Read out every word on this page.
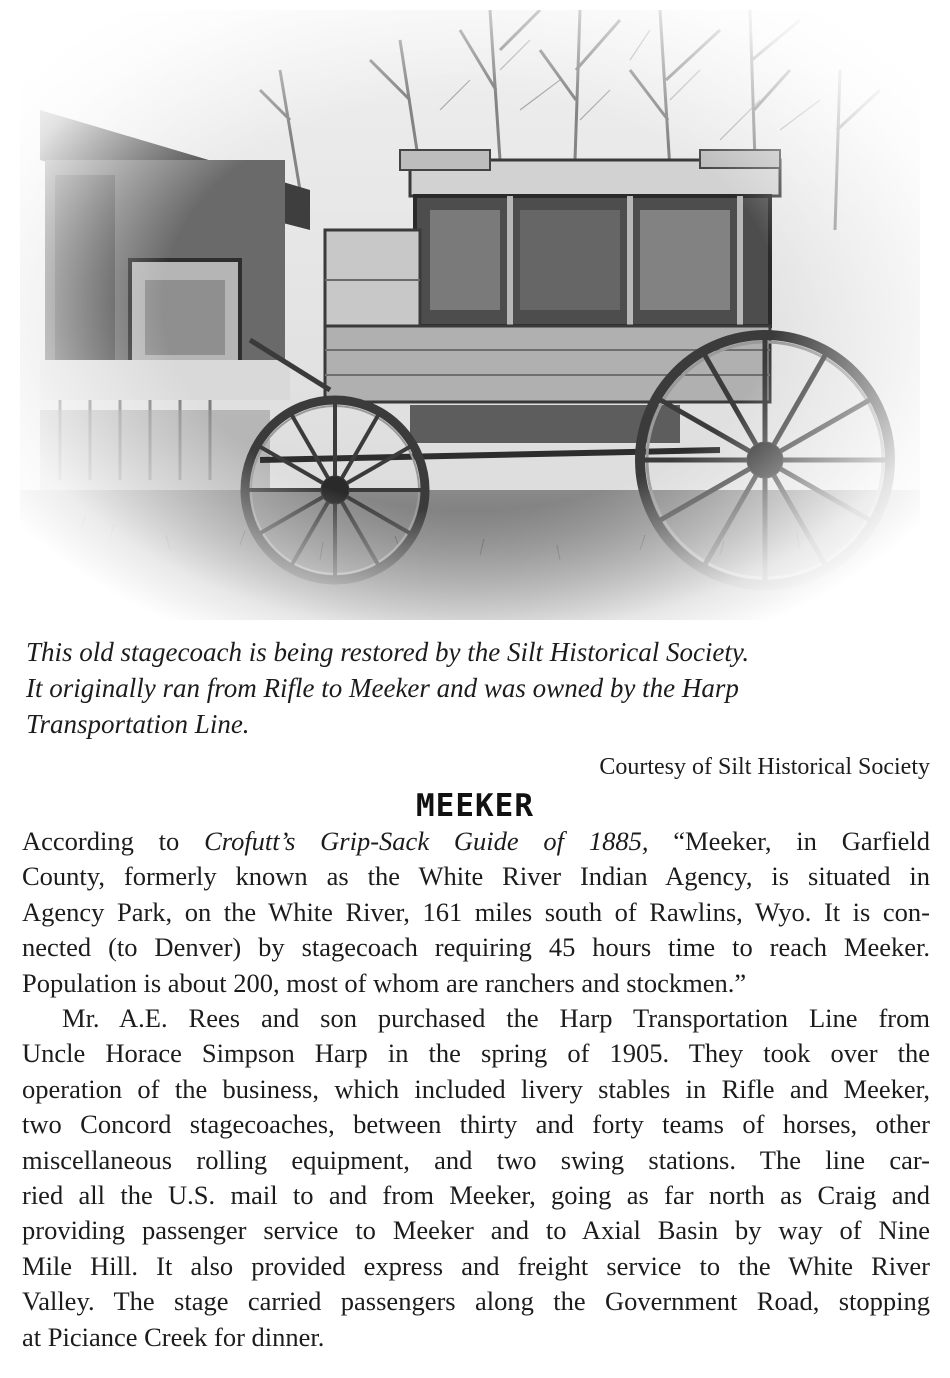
This old stagecoach is being restored by the Silt Historical Society.
It originally ran from Rifle to Meeker and was owned by the Harp
Transportation Line.

Courtesy of Silt Historical Society
MEEKER
According to Crofutt’s Grip-Sack Guide of 1885, “Meeker, in Garfield
County, formerly known as the White River Indian Agency, is situated in
Agency Park, on the White River, 161 miles south of Rawlins, Wyo. It is con-
nected (to Denver) by stagecoach requiring 45 hours time to reach Meeker.
Population is about 200, most of whom are ranchers and stockmen.”
Mr. A.E. Rees and son purchased the Harp Transportation Line from
Uncle Horace Simpson Harp in the spring of 1905. They took over the
operation of the business, which included livery stables in Rifle and Meeker,
two Concord stagecoaches, between thirty and forty teams of horses, other
miscellaneous rolling equipment, and two swing stations. The line car-
ried all the U.S. mail to and from Meeker, going as far north as Craig and
providing passenger service to Meeker and to Axial Basin by way of Nine
Mile Hill. It also provided express and freight service to the White River
Valley. The stage carried passengers along the Government Road, stopping
at Piciance Creek for dinner.
